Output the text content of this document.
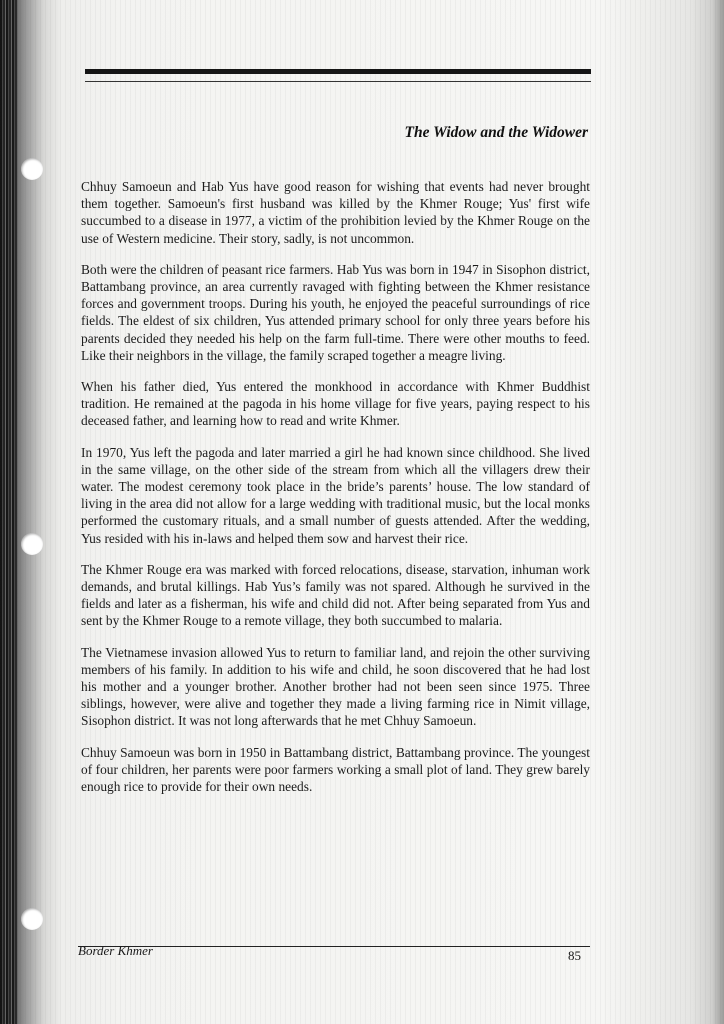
The Widow and the Widower

Chhuy Samoeun and Hab Yus have good reason for wishing that events had never brought them together. Samoeun's first husband was killed by the Khmer Rouge; Yus' first wife succumbed to a disease in 1977, a victim of the prohibition levied by the Khmer Rouge on the use of Western medicine. Their story, sadly, is not uncommon.

Both were the children of peasant rice farmers. Hab Yus was born in 1947 in Sisophon district, Battambang province, an area currently ravaged with fighting between the Khmer resistance forces and government troops. During his youth, he enjoyed the peaceful surroundings of rice fields. The eldest of six children, Yus attended primary school for only three years before his parents decided they needed his help on the farm full-time. There were other mouths to feed. Like their neighbors in the village, the family scraped together a meagre living.

When his father died, Yus entered the monkhood in accordance with Khmer Buddhist tradition. He remained at the pagoda in his home village for five years, paying respect to his deceased father, and learning how to read and write Khmer.

In 1970, Yus left the pagoda and later married a girl he had known since childhood. She lived in the same village, on the other side of the stream from which all the villagers drew their water. The modest ceremony took place in the bride’s parents’ house. The low standard of living in the area did not allow for a large wedding with traditional music, but the local monks performed the customary rituals, and a small number of guests attended. After the wedding, Yus resided with his in-laws and helped them sow and harvest their rice.

The Khmer Rouge era was marked with forced relocations, disease, starvation, inhuman work demands, and brutal killings. Hab Yus’s family was not spared. Although he survived in the fields and later as a fisherman, his wife and child did not. After being separated from Yus and sent by the Khmer Rouge to a remote village, they both succumbed to malaria.

The Vietnamese invasion allowed Yus to return to familiar land, and rejoin the other surviving members of his family. In addition to his wife and child, he soon discovered that he had lost his mother and a younger brother. Another brother had not been seen since 1975. Three siblings, however, were alive and together they made a living farming rice in Nimit village, Sisophon district. It was not long afterwards that he met Chhuy Samoeun.

Chhuy Samoeun was born in 1950 in Battambang district, Battambang province. The youngest of four children, her parents were poor farmers working a small plot of land. They grew barely enough rice to provide for their own needs.

Border Khmer	85
